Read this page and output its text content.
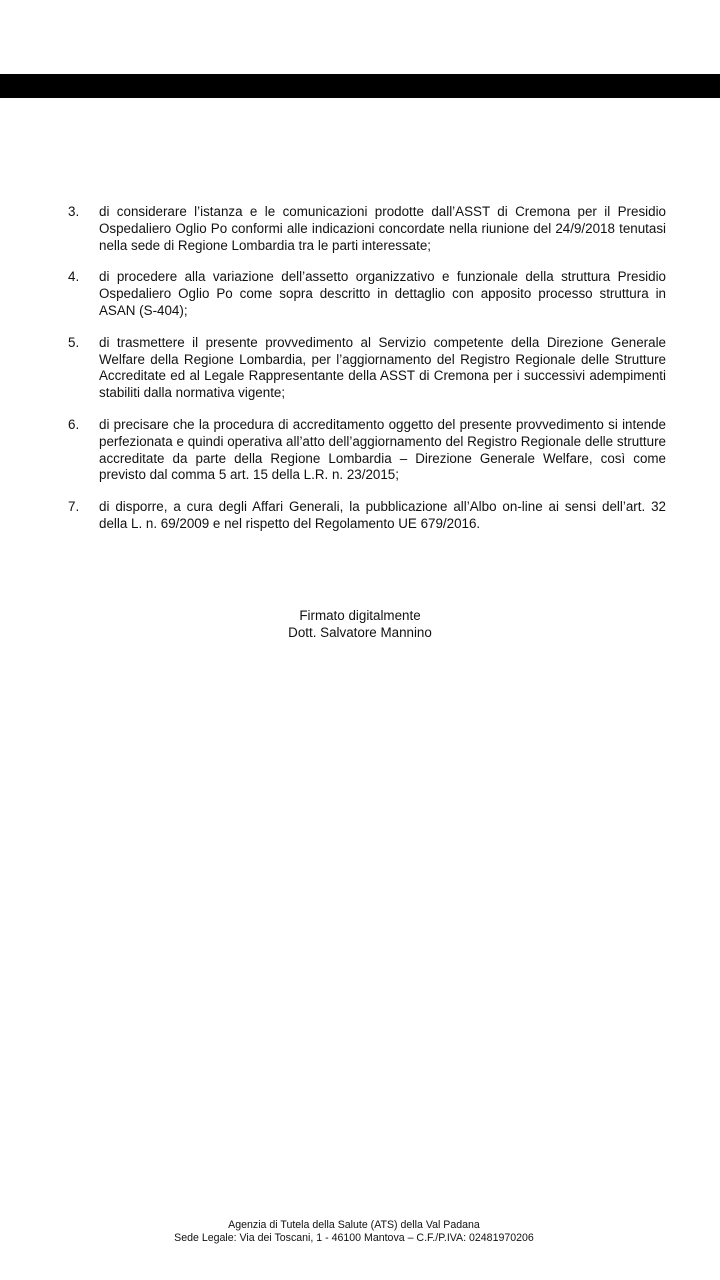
3.	di considerare l’istanza e le comunicazioni prodotte dall’ASST di Cremona per il Presidio Ospedaliero Oglio Po conformi alle indicazioni concordate nella riunione del 24/9/2018 tenutasi nella sede di Regione Lombardia tra le parti interessate;

4.	di procedere alla variazione dell’assetto organizzativo e funzionale della struttura Presidio Ospedaliero Oglio Po come sopra descritto in dettaglio con apposito processo struttura in ASAN (S-404);

5.	di trasmettere il presente provvedimento al Servizio competente della Direzione Generale Welfare della Regione Lombardia, per l’aggiornamento del Registro Regionale delle Strutture Accreditate ed al Legale Rappresentante della ASST di Cremona per i successivi adempimenti stabiliti dalla normativa vigente;

6.	di precisare che la procedura di accreditamento oggetto del presente provvedimento si intende perfezionata e quindi operativa all’atto dell’aggiornamento del Registro Regionale delle strutture accreditate da parte della Regione Lombardia – Direzione Generale Welfare, così come previsto dal comma 5 art. 15 della L.R. n. 23/2015;

7.	di disporre, a cura degli Affari Generali, la pubblicazione all’Albo on-line ai sensi dell’art. 32 della L. n. 69/2009 e nel rispetto del Regolamento UE 679/2016.

Firmato digitalmente
Dott. Salvatore Mannino
Agenzia di Tutela della Salute (ATS) della Val Padana
Sede Legale: Via dei Toscani, 1 - 46100 Mantova – C.F./P.IVA: 02481970206
